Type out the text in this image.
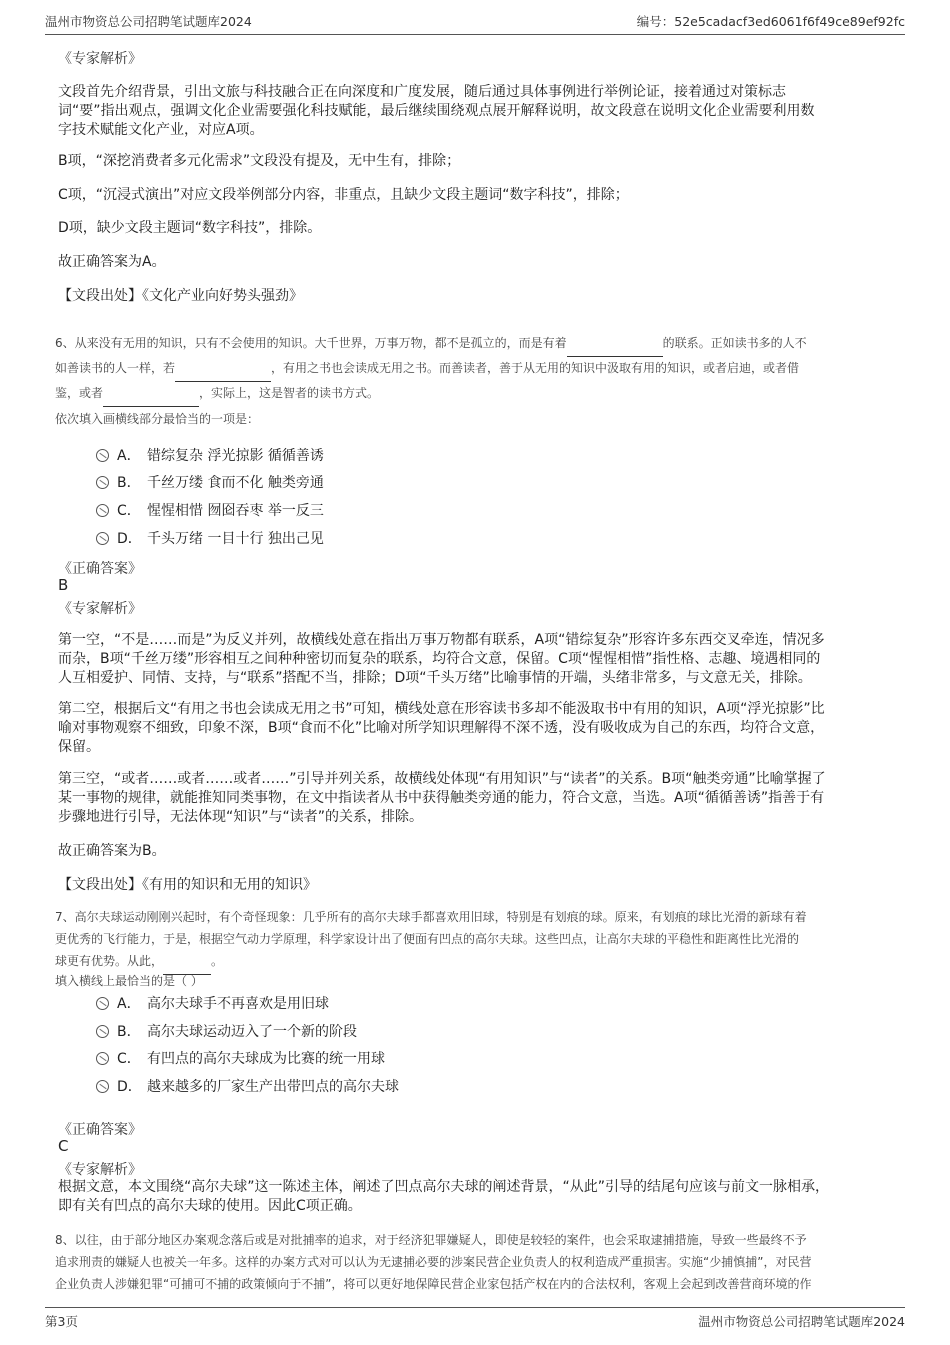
温州市物资总公司招聘笔试题库2024	编号：52e5cadacf3ed6061f6f49ce89ef92fc
《专家解析》
文段首先介绍背景，引出文旅与科技融合正在向深度和广度发展，随后通过具体事例进行举例论证，接着通过对策标志
词“要”指出观点，强调文化企业需要强化科技赋能，最后继续围绕观点展开解释说明，故文段意在说明文化企业需要利用数
字技术赋能文化产业，对应A项。
B项，“深挖消费者多元化需求”文段没有提及，无中生有，排除；
C项，“沉浸式演出”对应文段举例部分内容，非重点，且缺少文段主题词“数字科技”，排除；
D项，缺少文段主题词“数字科技”，排除。
故正确答案为A。
【文段出处】《文化产业向好势头强劲》
6、从来没有无用的知识，只有不会使用的知识。大千世界，万事万物，都不是孤立的，而是有着	的联系。正如读书多的人不
如善读书的人一样，若	，有用之书也会读成无用之书。而善读者，善于从无用的知识中汲取有用的知识，或者启迪，或者借
鉴，或者	，实际上，这是智者的读书方式。
依次填入画横线部分最恰当的一项是：
A． 错综复杂 浮光掠影 循循善诱
B． 千丝万缕 食而不化 触类旁通
C． 惺惺相惜 囫囵吞枣 举一反三
D． 千头万绪 一目十行 独出己见
《正确答案》
B
《专家解析》
第一空，“不是……而是”为反义并列，故横线处意在指出万事万物都有联系，A项“错综复杂”形容许多东西交叉牵连，情况多
而杂，B项“千丝万缕”形容相互之间种种密切而复杂的联系，均符合文意，保留。C项“惺惺相惜”指性格、志趣、境遇相同的
人互相爱护、同情、支持，与“联系”搭配不当，排除；D项“千头万绪”比喻事情的开端，头绪非常多，与文意无关，排除。
第二空，根据后文“有用之书也会读成无用之书”可知，横线处意在形容读书多却不能汲取书中有用的知识，A项“浮光掠影”比
喻对事物观察不细致，印象不深，B项“食而不化”比喻对所学知识理解得不深不透，没有吸收成为自己的东西，均符合文意，
保留。
第三空，“或者……或者……或者……”引导并列关系，故横线处体现“有用知识”与“读者”的关系。B项“触类旁通”比喻掌握了
某一事物的规律，就能推知同类事物，在文中指读者从书中获得触类旁通的能力，符合文意，当选。A项“循循善诱”指善于有
步骤地进行引导，无法体现“知识”与“读者”的关系，排除。
故正确答案为B。
【文段出处】《有用的知识和无用的知识》
7、高尔夫球运动刚刚兴起时，有个奇怪现象：几乎所有的高尔夫球手都喜欢用旧球，特别是有划痕的球。原来，有划痕的球比光滑的新球有着
更优秀的飞行能力，于是，根据空气动力学原理，科学家设计出了便面有凹点的高尔夫球。这些凹点，让高尔夫球的平稳性和距离性比光滑的
球更有优势。从此，	。
填入横线上最恰当的是（ ）
A． 高尔夫球手不再喜欢是用旧球
B． 高尔夫球运动迈入了一个新的阶段
C． 有凹点的高尔夫球成为比赛的统一用球
D． 越来越多的厂家生产出带凹点的高尔夫球
《正确答案》
C
《专家解析》
根据文意，本文围绕“高尔夫球”这一陈述主体，阐述了凹点高尔夫球的阐述背景，“从此”引导的结尾句应该与前文一脉相承，
即有关有凹点的高尔夫球的使用。因此C项正确。
8、以往，由于部分地区办案观念落后或是对批捕率的追求，对于经济犯罪嫌疑人，即使是较轻的案件，也会采取逮捕措施，导致一些最终不予
追求刑责的嫌疑人也被关一年多。这样的办案方式对可以认为无逮捕必要的涉案民营企业负责人的权利造成严重损害。实施“少捕慎捕”，对民营
企业负责人涉嫌犯罪“可捕可不捕的政策倾向于不捕”，将可以更好地保障民营企业家包括产权在内的合法权利，客观上会起到改善营商环境的作
第3页	温州市物资总公司招聘笔试题库2024
